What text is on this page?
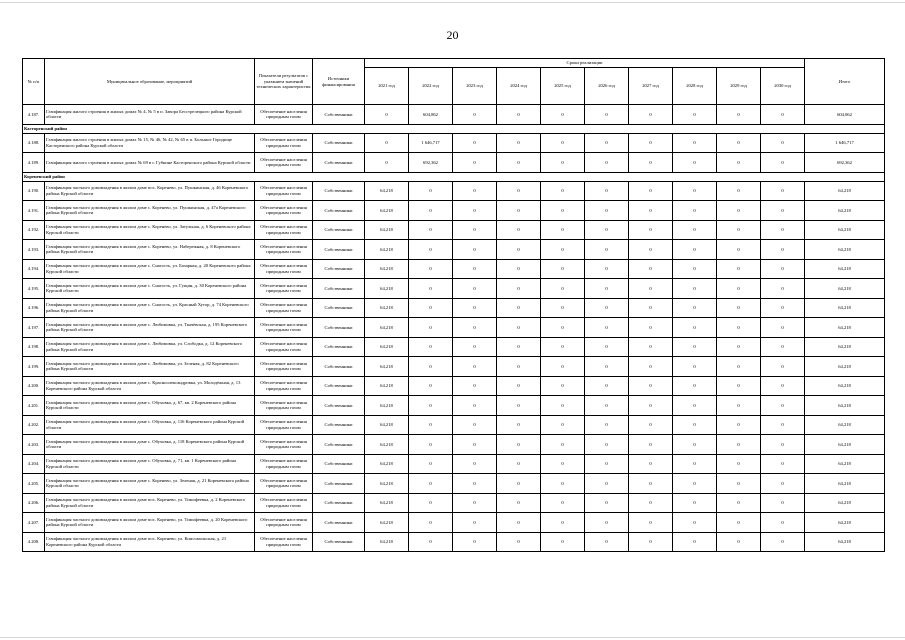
20
№ п/п	Муниципальное образование, мероприятий	Показатели результатов с указанием значений технических характеристик	Источники финансирования	Сроки реализации										Итого
				2021 год	2022 год	2023 год	2024 год	2025 год	2026 год	2027 год	2028 год	2029 год	2030 год	
4.187.	Газификация жилого строения в жилых домах № 4, № 5 в п. Завора Бесстрелецкого района Курской области	Обеспечение населения природным газом	Собственники	0	604,862	0	0	0	0	0	0	0	0	604,862
Касторенский район														
4.188.	Газификация жилого строения в жилых домах № 15, № 46, № 42, № 65 в п. Большое Городище Касторенского района Курской области	Обеспечение населения природным газом	Собственники	0	1 646,717	0	0	0	0	0	0	0	0	1 646,717
4.189.	Газификация жилого строения в жилых домах № 69 в г. Губкине Касторенского района Курской области	Обеспечение населения природным газом	Собственники	0	692,362	0	0	0	0	0	0	0	0	692,362
Кореневский район														
4.190.	Газификация частного домовладения в жилом доме пос. Коренево, ул. Пушкинская, д. 46 Кореневского района Курской области	Обеспечение населения природным газом	Собственники	64,218	0	0	0	0	0	0	0	0	0	64,218
4.191.	Газификация частного домовладения в жилом доме с. Коренево, ул. Пушкинская, д. 47а Кореневского района Курской области	Обеспечение населения природным газом	Собственники	64,218	0	0	0	0	0	0	0	0	0	64,218
4.192.	Газификация частного домовладения в жилом доме с. Коренево, ул. Затульная, д. 6 Кореневского района Курской области	Обеспечение населения природным газом	Собственники	64,218	0	0	0	0	0	0	0	0	0	64,218
4.193.	Газификация частного домовладения в жилом доме с. Коренево, ул. Набережная, д. 8 Кореневского района Курской области	Обеспечение населения природным газом	Собственники	64,218	0	0	0	0	0	0	0	0	0	64,218
4.194.	Газификация частного домовладения в жилом доме с. Снагость, ул. Базарная, д. 20 Кореневского района Курской области	Обеспечение населения природным газом	Собственники	64,218	0	0	0	0	0	0	0	0	0	64,218
4.195.	Газификация частного домовладения в жилом доме с. Снагость, ул. Гущин, д. 30 Кореневского района Курской области	Обеспечение населения природным газом	Собственники	64,218	0	0	0	0	0	0	0	0	0	64,218
4.196.	Газификация частного домовладения в жилом доме с. Снагость, ул. Красный Хутор, д. 74 Кореневского района Курской области	Обеспечение населения природным газом	Собственники	64,218	0	0	0	0	0	0	0	0	0	64,218
4.197.	Газификация частного домовладения в жилом доме с. Любимовка, ул. Ткачёвская, д. 195 Кореневского района Курской области	Обеспечение населения природным газом	Собственники	64,218	0	0	0	0	0	0	0	0	0	64,218
4.198.	Газификация частного домовладения в жилом доме с. Любимовка, ул. Слободка, д. 12 Кореневского района Курской области	Обеспечение населения природным газом	Собственники	64,218	0	0	0	0	0	0	0	0	0	64,218
4.199.	Газификация частного домовладения в жилом доме с. Любимовка, ул. Зеленая, д. 82 Кореневского района Курской области	Обеспечение населения природным газом	Собственники	64,218	0	0	0	0	0	0	0	0	0	64,218
4.200.	Газификация частного домовладения в жилом доме с. Красноолександровка, ул. Молодёжная, д. 13 Кореневского района Курской области	Обеспечение населения природным газом	Собственники	64,218	0	0	0	0	0	0	0	0	0	64,218
4.201.	Газификация частного домовладения в жилом доме с. Обуховка, д. 67, кв. 2 Кореневского района Курской области	Обеспечение населения природным газом	Собственники	64,218	0	0	0	0	0	0	0	0	0	64,218
4.202.	Газификация частного домовладения в жилом доме с. Обуховка, д. 116 Кореневского района Курской области	Обеспечение населения природным газом	Собственники	64,218	0	0	0	0	0	0	0	0	0	64,218
4.203.	Газификация частного домовладения в жилом доме с. Обуховка, д. 118 Кореневского района Курской области	Обеспечение населения природным газом	Собственники	64,218	0	0	0	0	0	0	0	0	0	64,218
4.204.	Газификация частного домовладения в жилом доме с. Обуховка, д. 71, кв. 1 Кореневского района Курской области	Обеспечение населения природным газом	Собственники	64,218	0	0	0	0	0	0	0	0	0	64,218
4.205.	Газификация частного домовладения в жилом доме с. Коренево, ул. Зеленая, д. 21 Кореневского района Курской области	Обеспечение населения природным газом	Собственники	64,218	0	0	0	0	0	0	0	0	0	64,218
4.206.	Газификация частного домовладения в жилом доме пос. Коренево, ул. Тимофеевка, д. 2 Кореневского района Курской области	Обеспечение населения природным газом	Собственники	64,218	0	0	0	0	0	0	0	0	0	64,218
4.207.	Газификация частного домовладения в жилом доме пос. Коренево, ул. Тимофеевка, д. 20 Кореневского района Курской области	Обеспечение населения природным газом	Собственники	64,218	0	0	0	0	0	0	0	0	0	64,218
4.208.	Газификация частного домовладения в жилом доме пос. Коренево, ул. Комсомольская, д. 21 Кореневского района Курской области	Обеспечение населения природным газом	Собственники	64,218	0	0	0	0	0	0	0	0	0	64,218
